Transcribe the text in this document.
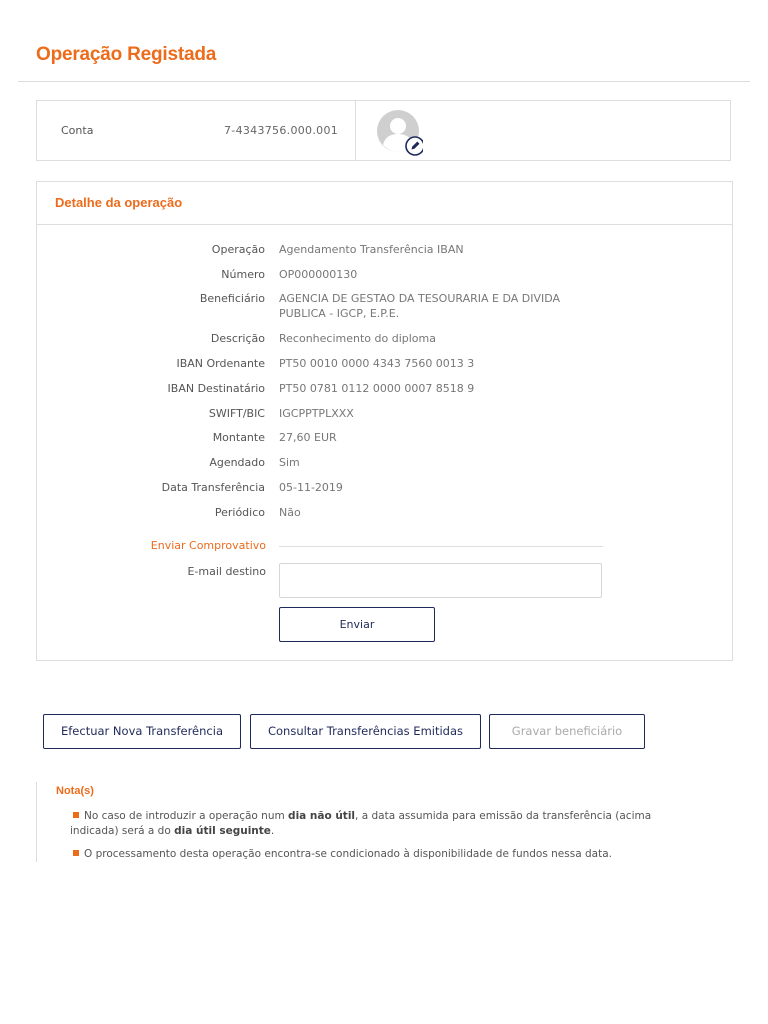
Operação Registada
Conta	7-4343756.000.001
Detalhe da operação
Operação Agendamento Transferência IBAN
Número OP000000130
Beneficiário AGENCIA DE GESTAO DA TESOURARIA E DA DIVIDA
PUBLICA - IGCP, E.P.E.
Descrição Reconhecimento do diploma
IBAN Ordenante PT50 0010 0000 4343 7560 0013 3
IBAN Destinatário PT50 0781 0112 0000 0007 8518 9
SWIFT/BIC IGCPPTPLXXX
Montante 27,60 EUR
Agendado Sim
Data Transferência 05-11-2019
Periódico Não
Enviar Comprovativo
E-mail destino
Enviar
Efectuar Nova Transferência	Consultar Transferências Emitidas	Gravar beneficiário
Nota(s)
No caso de introduzir a operação num dia não útil, a data assumida para emissão da transferência (acima
indicada) será a do dia útil seguinte.
O processamento desta operação encontra-se condicionado à disponibilidade de fundos nessa data.
